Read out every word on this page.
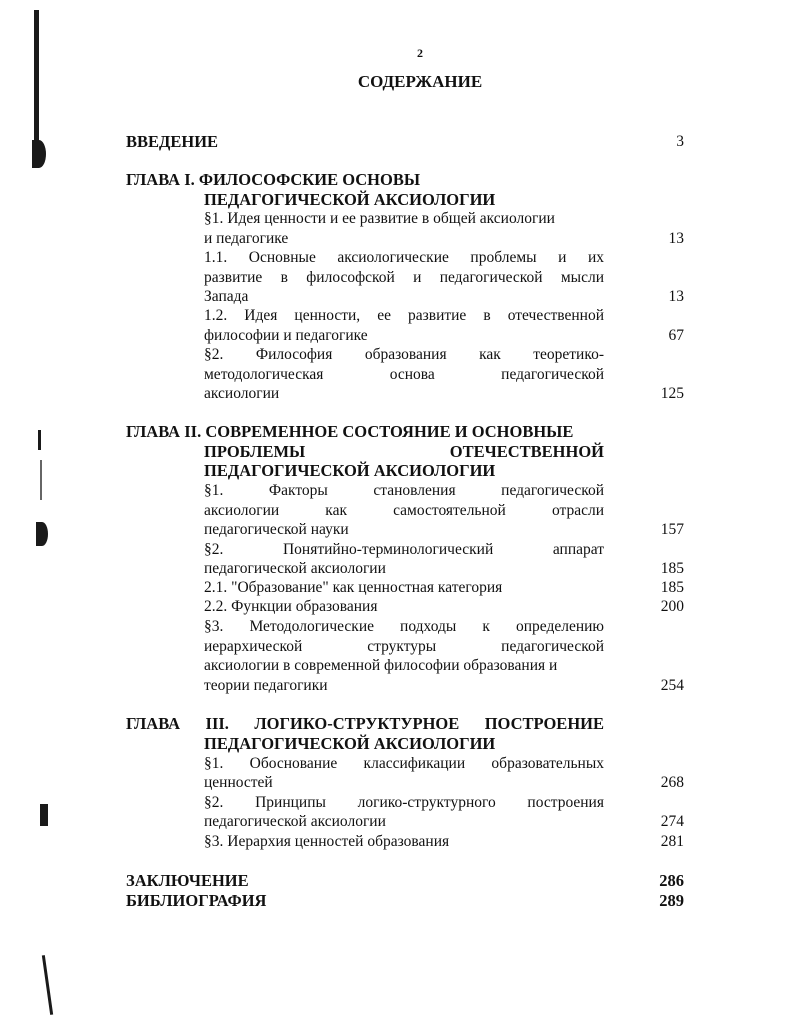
2
СОДЕРЖАНИЕ
ВВЕДЕНИЕ	3
ГЛАВА I. ФИЛОСОФСКИЕ ОСНОВЫ
ПЕДАГОГИЧЕСКОЙ АКСИОЛОГИИ
§1. Идея ценности и ее развитие в общей аксиологии
и педагогике	13
1.1. Основные аксиологические проблемы и их
развитие в философской и педагогической мысли
Запада	13
1.2. Идея ценности, ее развитие в отечественной
философии и педагогике	67
§2. Философия образования как теоретико-
методологическая основа педагогической
аксиологии	125
ГЛАВА II. СОВРЕМЕННОЕ СОСТОЯНИЕ И ОСНОВНЫЕ
ПРОБЛЕМЫ ОТЕЧЕСТВЕННОЙ
ПЕДАГОГИЧЕСКОЙ АКСИОЛОГИИ
§1. Факторы становления педагогической
аксиологии как самостоятельной отрасли
педагогической науки	157
§2. Понятийно-терминологический аппарат
педагогической аксиологии	185
2.1. "Образование" как ценностная категория	185
2.2. Функции образования	200
§3. Методологические подходы к определению
иерархической структуры педагогической
аксиологии в современной философии образования и
теории педагогики	254
ГЛАВА III. ЛОГИКО-СТРУКТУРНОЕ ПОСТРОЕНИЕ
ПЕДАГОГИЧЕСКОЙ АКСИОЛОГИИ
§1. Обоснование классификации образовательных
ценностей	268
§2. Принципы логико-структурного построения
педагогической аксиологии	274
§3. Иерархия ценностей образования	281
ЗАКЛЮЧЕНИЕ	286
БИБЛИОГРАФИЯ	289
